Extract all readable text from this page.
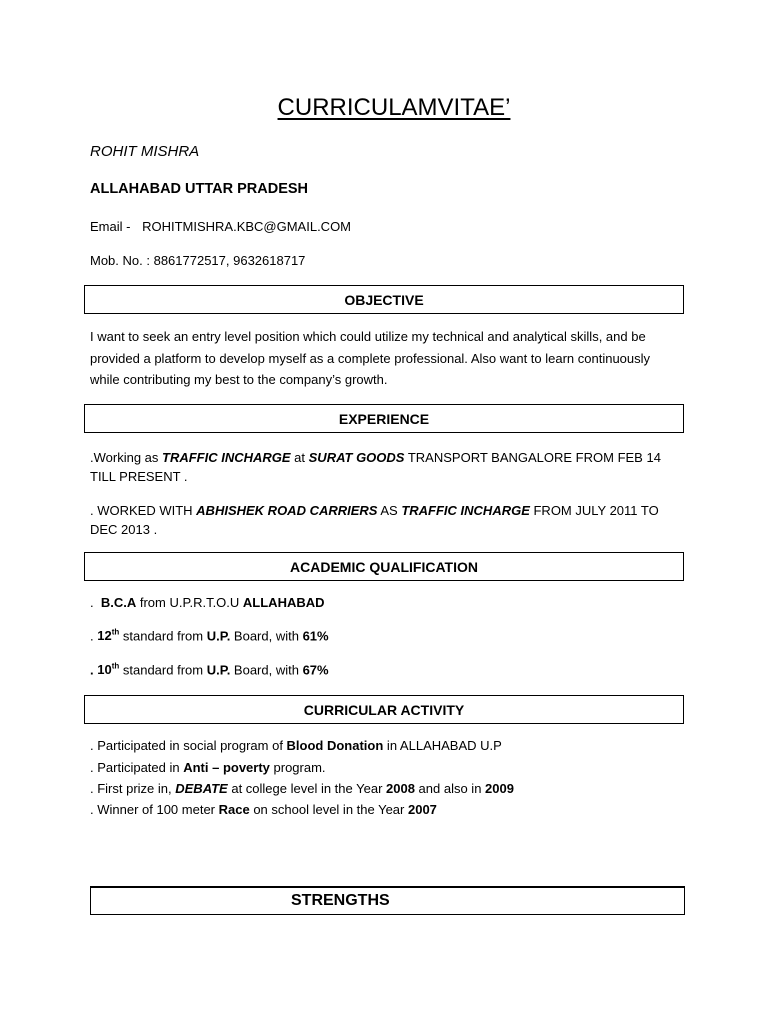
CURRICULAMVITAE’
ROHIT MISHRA
ALLAHABAD UTTAR PRADESH
Email - ROHITMISHRA.KBC@GMAIL.COM
Mob. No. : 8861772517, 9632618717
OBJECTIVE
I want to seek an entry level position which could utilize my technical and analytical skills, and be provided a platform to develop myself as a complete professional. Also want to learn continuously while contributing my best to the company’s growth.
EXPERIENCE
.Working as TRAFFIC INCHARGE at SURAT GOODS TRANSPORT BANGALORE FROM FEB 14 TILL PRESENT .
. WORKED WITH ABHISHEK ROAD CARRIERS AS TRAFFIC INCHARGE FROM JULY 2011 TO DEC 2013 .
ACADEMIC QUALIFICATION
.  B.C.A from U.P.R.T.O.U ALLAHABAD
. 12th standard from U.P. Board, with 61%
. 10th standard from U.P. Board, with 67%
CURRICULAR ACTIVITY
. Participated in social program of Blood Donation in ALLAHABAD U.P
. Participated in Anti – poverty program.
. First prize in, DEBATE at college level in the Year 2008 and also in 2009
. Winner of 100 meter Race on school level in the Year 2007
STRENGTHS
